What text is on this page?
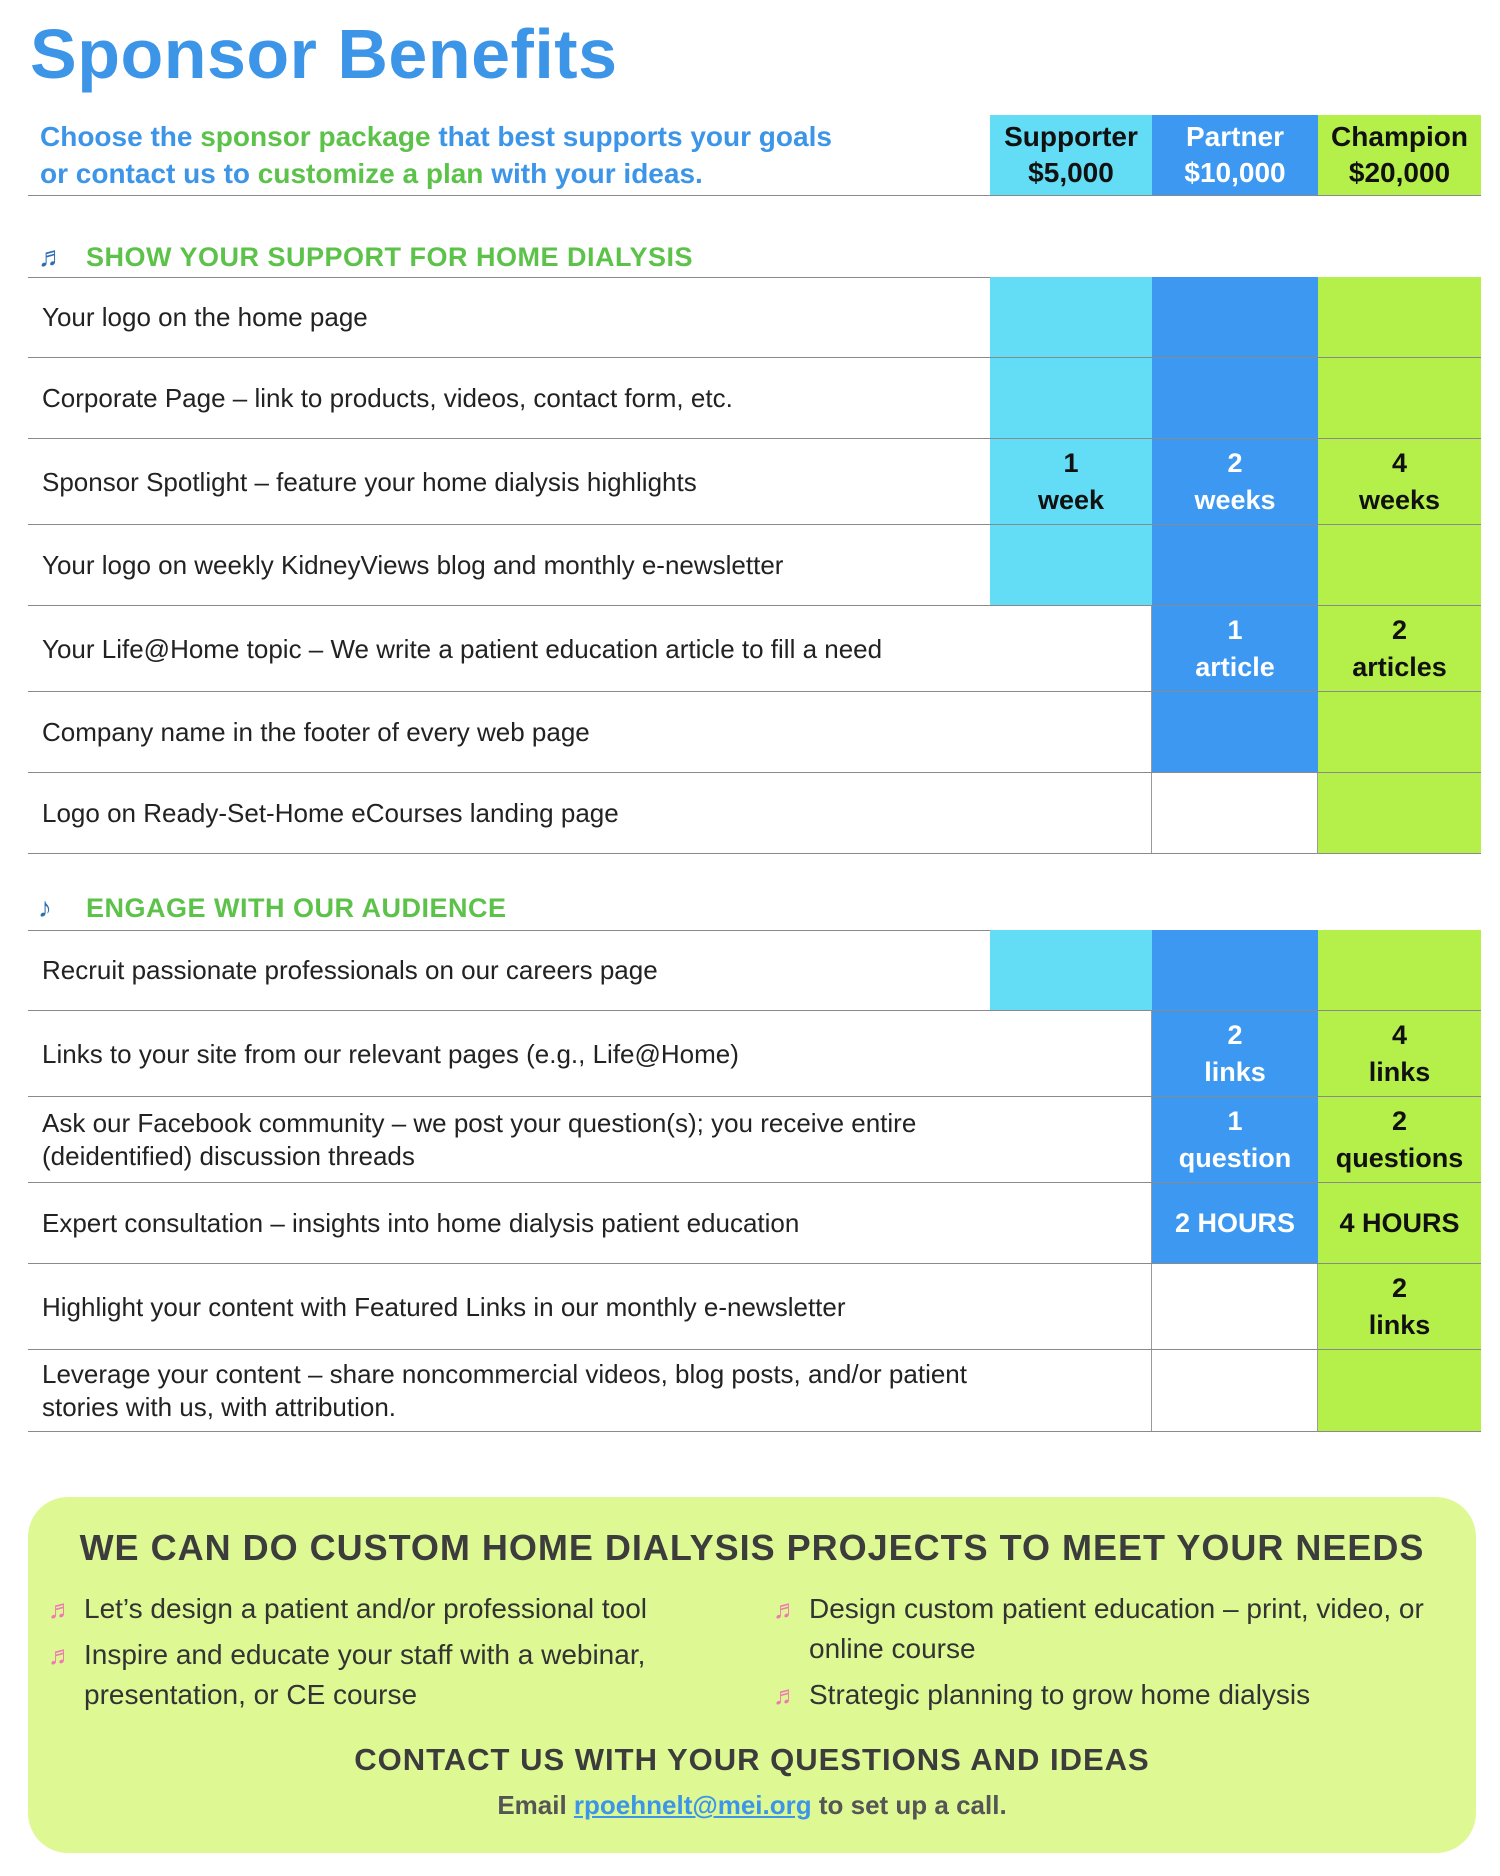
Sponsor Benefits
Choose the sponsor package that best supports your goals
or contact us to customize a plan with your ideas.
Supporter
$5,000
Partner
$10,000
Champion
$20,000
♬ SHOW YOUR SUPPORT FOR HOME DIALYSIS
Your logo on the home page
Corporate Page – link to products, videos, contact form, etc.
Sponsor Spotlight – feature your home dialysis highlights
1
week
2
weeks
4
weeks
Your logo on weekly KidneyViews blog and monthly e-newsletter
Your Life@Home topic – We write a patient education article to fill a need
1
article
2
articles
Company name in the footer of every web page
Logo on Ready-Set-Home eCourses landing page
♪	ENGAGE WITH OUR AUDIENCE
Recruit passionate professionals on our careers page
Links to your site from our relevant pages (e.g., Life@Home)
2
links
4
links
Ask our Facebook community – we post your question(s); you receive entire (deidentified) discussion threads
1
question
2
questions
Expert consultation – insights into home dialysis patient education	2 HOURS 4 HOURS
Highlight your content with Featured Links in our monthly e-newsletter
2
links
Leverage your content – share noncommercial videos, blog posts, and/or patient stories with us, with attribution.
WE CAN DO CUSTOM HOME DIALYSIS PROJECTS TO MEET YOUR NEEDS
♬ Let’s design a patient and/or professional tool
♬ Inspire and educate your staff with a webinar, presentation, or CE course
♬ Design custom patient education – print, video, or online course
♬ Strategic planning to grow home dialysis
CONTACT US WITH YOUR QUESTIONS AND IDEAS
Email rpoehnelt@mei.org to set up a call.
